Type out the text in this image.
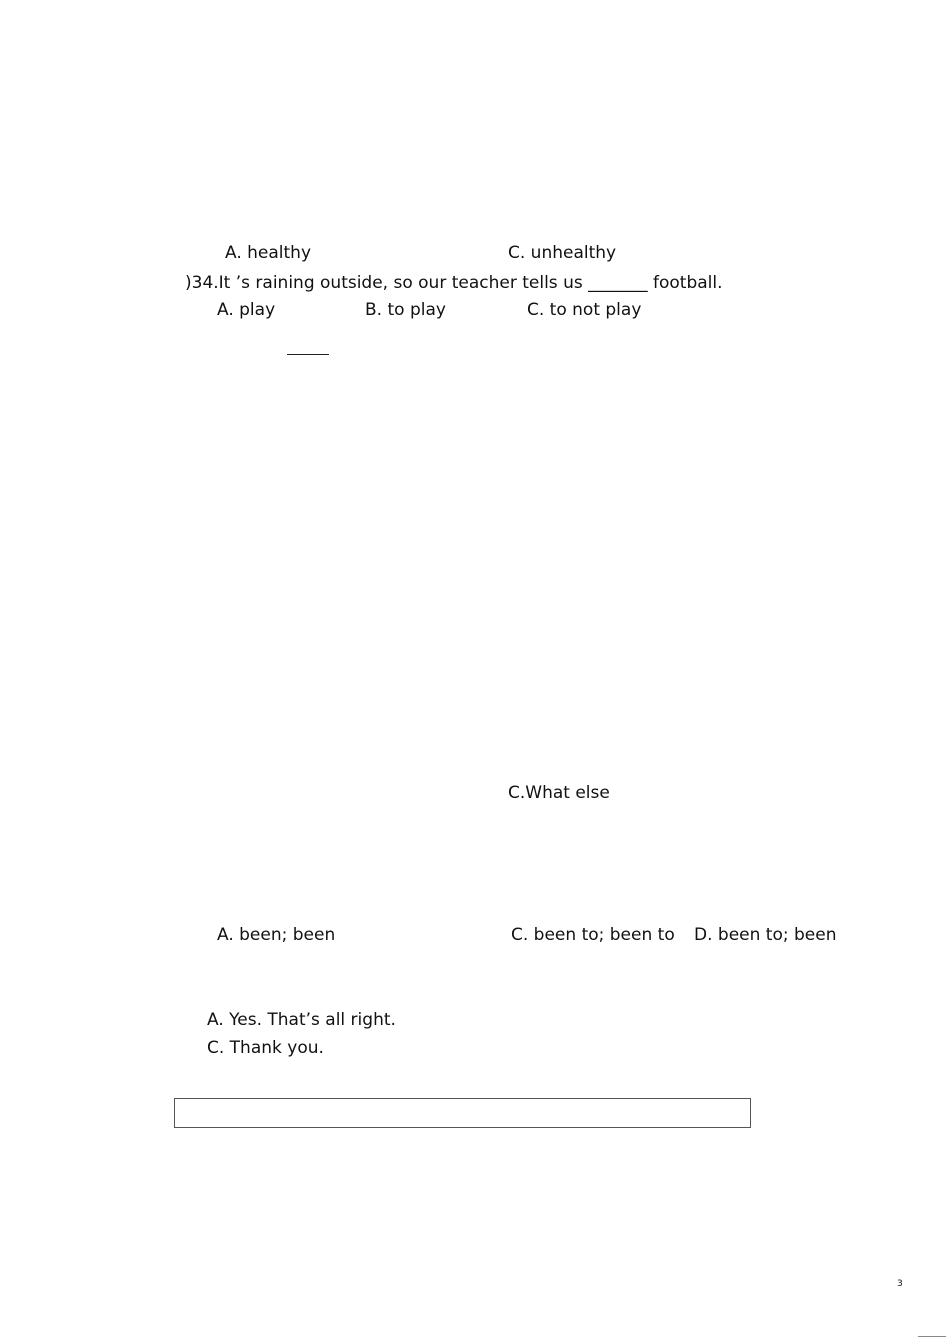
A. healthy	C. unhealthy
)34.It ’s raining outside, so our teacher tells us _______ football.
A. play	B. to play	C. to not play
C.What else
A. been; been	C. been to; been to D. been to; been
A. Yes. That’s all right.
C. Thank you.
3
